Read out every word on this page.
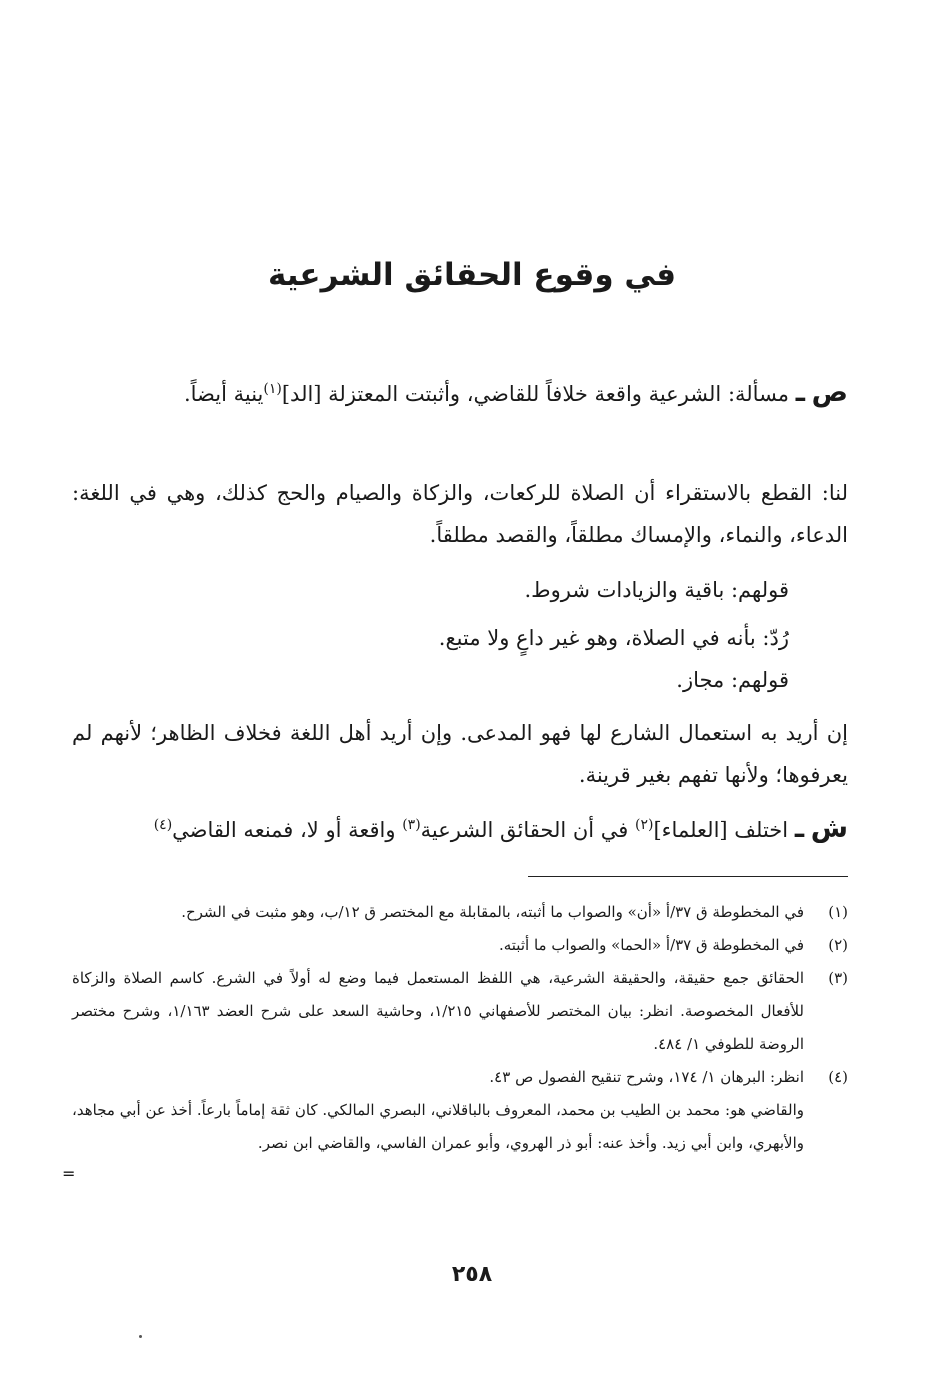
في وقوع الحقائق الشرعية
ص ـ مسألة: الشرعية واقعة خلافاً للقاضي، وأثبتت المعتزلة [الد]$^{(١)}$ينية أيضاً.
لنا: القطع بالاستقراء أن الصلاة للركعات، والزكاة والصيام والحج كذلك، وهي في اللغة: الدعاء، والنماء، والإمساك مطلقاً، والقصد مطلقاً.
قولهم: باقية والزيادات شروط.
رُدّ: بأنه في الصلاة، وهو غير داعٍ ولا متبع.
قولهم: مجاز.
إن أريد به استعمال الشارع لها فهو المدعى. وإن أريد أهل اللغة فخلاف الظاهر؛ لأنهم لم يعرفوها؛ ولأنها تفهم بغير قرينة.
ش ـ اختلف [العلماء]$^{(٢)}$ في أن الحقائق الشرعية$^{(٣)}$ واقعة أو لا، فمنعه القاضي$^{(٤)}$
(١)
في المخطوطة ق ٣٧/أ «أن» والصواب ما أثبته، بالمقابلة مع المختصر ق ١٢/ب، وهو مثبت في الشرح.
(٢)
في المخطوطة ق ٣٧/أ «الحما» والصواب ما أثبته.
(٣)
الحقائق جمع حقيقة، والحقيقة الشرعية، هي اللفظ المستعمل فيما وضع له أولاً في الشرع. كاسم الصلاة والزكاة للأفعال المخصوصة. انظر: بيان المختصر للأصفهاني ١/٢١٥، وحاشية السعد على شرح العضد ١/١٦٣، وشرح مختصر الروضة للطوفي ١/ ٤٨٤.
(٤)
انظر: البرهان ١/ ١٧٤، وشرح تنقيح الفصول ص ٤٣.
والقاضي هو: محمد بن الطيب بن محمد، المعروف بالباقلاني، البصري المالكي. كان ثقة إماماً بارعاً. أخذ عن أبي مجاهد، والأبهري، وابن أبي زيد. وأخذ عنه: أبو ذر الهروي، وأبو عمران الفاسي، والقاضي ابن نصر.
=
٢٥٨
